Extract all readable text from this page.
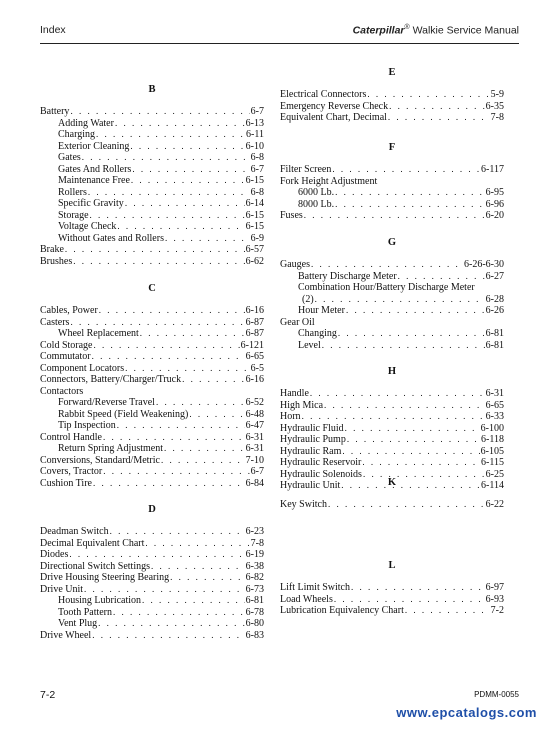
Index	Caterpillar® Walkie Service Manual
B
Battery . . .	6-7
Adding Water . . .	6-13
Charging . . .	6-11
Exterior Cleaning . . .	6-10
Gates . . .	6-8
Gates And Rollers . . .	6-7
Maintenance Free . . .	6-15
Rollers . . .	6-8
Specific Gravity . . .	6-14
Storage . . .	6-15
Voltage Check . . .	6-15
Without Gates and Rollers . . .	6-9
Brake . . .	6-57
Brushes . . .	6-62
C
Cables, Power . . .	6-16
Casters . . .	6-87
Wheel Replacement . . .	6-87
Cold Storage . . .	6-121
Commutator . . .	6-65
Component Locators . . .	6-5
Connectors, Battery/Charger/Truck . . .	6-16
Contactors
Forward/Reverse Travel . . .	6-52
Rabbit Speed (Field Weakening) . . .	6-48
Tip Inspection . . .	6-47
Control Handle . . .	6-31
Return Spring Adjustment . . .	6-31
Conversions, Standard/Metric . . .	7-10
Covers, Tractor . . .	6-7
Cushion Tire . . .	6-84
D
Deadman Switch . . .	6-23
Decimal Equivalent Chart . . .	7-8
Diodes . . .	6-19
Directional Switch Settings . . .	6-38
Drive Housing Steering Bearing . . .	6-82
Drive Unit . . .	6-73
Housing Lubrication . . .	6-81
Tooth Pattern . . .	6-78
Vent Plug . . .	6-80
Drive Wheel . . .	6-83
E
Electrical Connectors . . .	5-9
Emergency Reverse Check . . .	6-35
Equivalent Chart, Decimal . . .	7-8
F
Filter Screen . . .	6-117
Fork Height Adjustment
6000 Lb. . . .	6-95
8000 Lb. . . .	6-96
Fuses . . .	6-20
G
Gauges . . .	6-26-6-30
Battery Discharge Meter . . .	6-27
Combination Hour/Battery Discharge Meter
(2) . . .	6-28
Hour Meter . . .	6-26
Gear Oil
Changing . . .	6-81
Level . . .	6-81
H
Handle . . .	6-31
High Mica . . .	6-65
Horn . . .	6-33
Hydraulic Fluid . . .	6-100
Hydraulic Pump . . .	6-118
Hydraulic Ram . . .	6-105
Hydraulic Reservoir . . .	6-115
Hydraulic Solenoids . . .	6-25
Hydraulic Unit . . .	6-114
K
Key Switch . . .	6-22
L
Lift Limit Switch . . .	6-97
Load Wheels . . .	6-93
Lubrication Equivalency Chart . . .	7-2
7-2	PDMM-0055
www.epcatalogs.com
